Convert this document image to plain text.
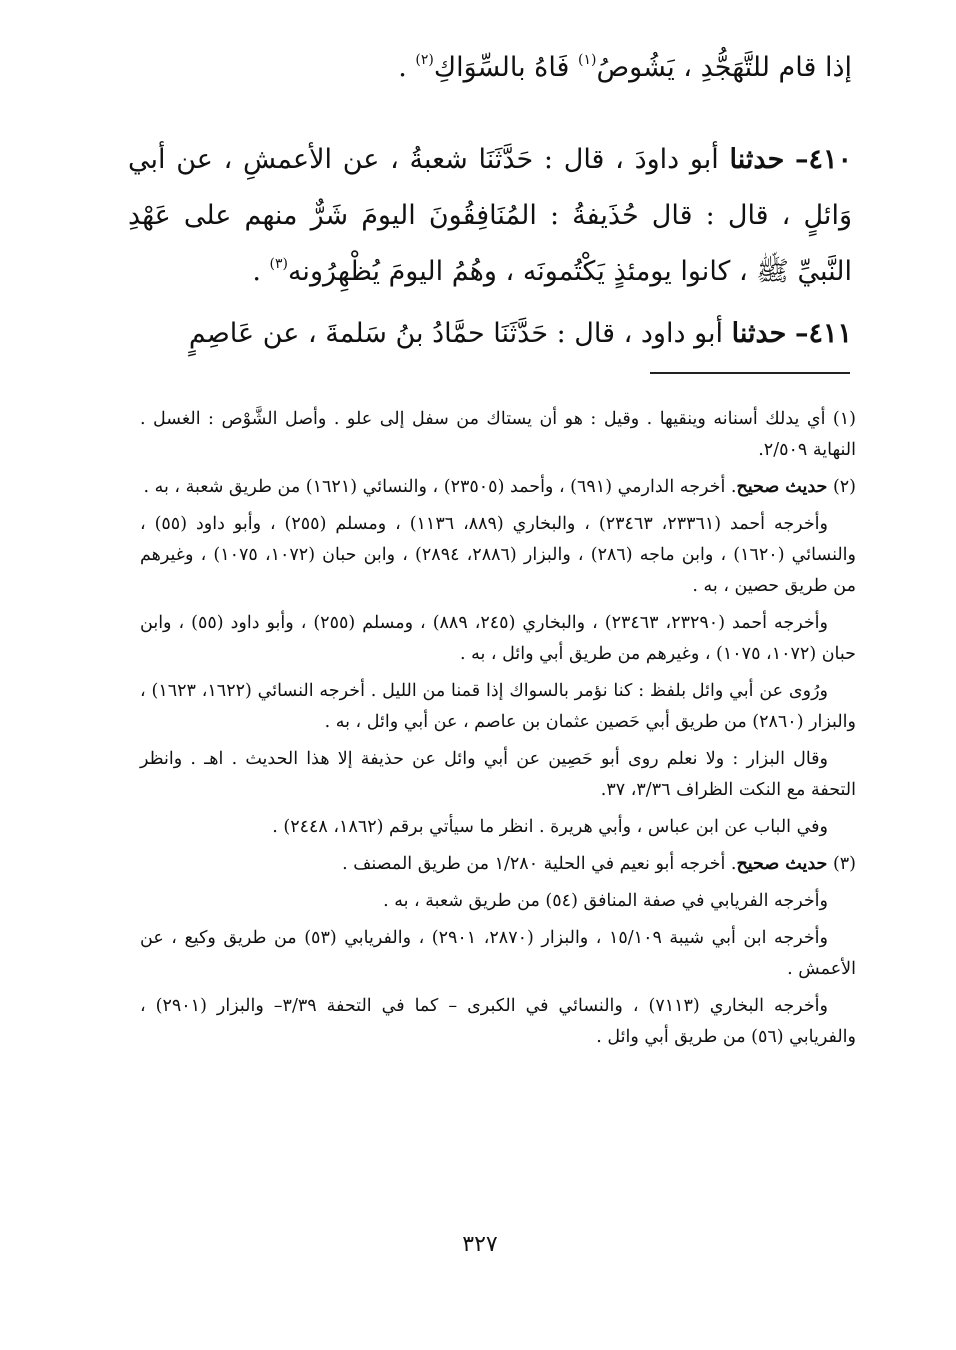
إذا قام للتَّهَجُّدِ ، يَشُوصُ$^{(١)}$ فَاهُ بالسِّوَاكِ$^{(٢)}$ .

٤١٠– حدثنا أبو داودَ ، قال : حَدَّثَنَا شعبةُ ، عن الأعمشِ ، عن أبي وَائلٍ ، قال : قال حُذَيفةُ : المُنَافِقُونَ اليومَ شَرٌّ منهم على عَهْدِ النَّبيِّ ﷺ ، كانوا يومئذٍ يَكْتُمونَه ، وهُمُ اليومَ يُظْهِرُونه$^{(٣)}$ .

٤١١– حدثنا أبو داود ، قال : حَدَّثَنَا حمَّادُ بنُ سَلمةَ ، عن عَاصِمٍ

(١) أي يدلك أسنانه وينقيها . وقيل : هو أن يستاك من سفل إلى علو . وأصل الشَّوْص : الغسل . النهاية ٢/٥٠٩.

(٢) حديث صحيح. أخرجه الدارمي (٦٩١) ، وأحمد (٢٣٥٠٥) ، والنسائي (١٦٢١) من طريق شعبة ، به .

وأخرجه أحمد (٢٣٣٦١، ٢٣٤٦٣) ، والبخاري (٨٨٩، ١١٣٦) ، ومسلم (٢٥٥) ، وأبو داود (٥٥) ، والنسائي (١٦٢٠) ، وابن ماجه (٢٨٦) ، والبزار (٢٨٨٦، ٢٨٩٤) ، وابن حبان (١٠٧٢، ١٠٧٥) ، وغيرهم من طريق حصين ، به .

وأخرجه أحمد (٢٣٢٩٠، ٢٣٤٦٣) ، والبخاري (٢٤٥، ٨٨٩) ، ومسلم (٢٥٥) ، وأبو داود (٥٥) ، وابن حبان (١٠٧٢، ١٠٧٥) ، وغيرهم من طريق أبي وائل ، به .

ورُوى عن أبي وائل بلفظ : كنا نؤمر بالسواك إذا قمنا من الليل . أخرجه النسائي (١٦٢٢، ١٦٢٣) ، والبزار (٢٨٦٠) من طريق أبي حَصين عثمان بن عاصم ، عن أبي وائل ، به .

وقال البزار : ولا نعلم روى أبو حَصِين عن أبي وائل عن حذيفة إلا هذا الحديث . اهـ . وانظر التحفة مع النكت الظراف ٣/٣٦، ٣٧.

وفي الباب عن ابن عباس ، وأبي هريرة . انظر ما سيأتي برقم (١٨٦٢، ٢٤٤٨) .

(٣) حديث صحيح. أخرجه أبو نعيم في الحلية ١/٢٨٠ من طريق المصنف .

وأخرجه الفريابي في صفة المنافق (٥٤) من طريق شعبة ، به .

وأخرجه ابن أبي شيبة ١٥/١٠٩ ، والبزار (٢٨٧٠، ٢٩٠١) ، والفريابي (٥٣) من طريق وكيع ، عن الأعمش .

وأخرجه البخاري (٧١١٣) ، والنسائي في الكبرى – كما في التحفة ٣/٣٩– والبزار (٢٩٠١) ، والفريابي (٥٦) من طريق أبي وائل .

٣٢٧
